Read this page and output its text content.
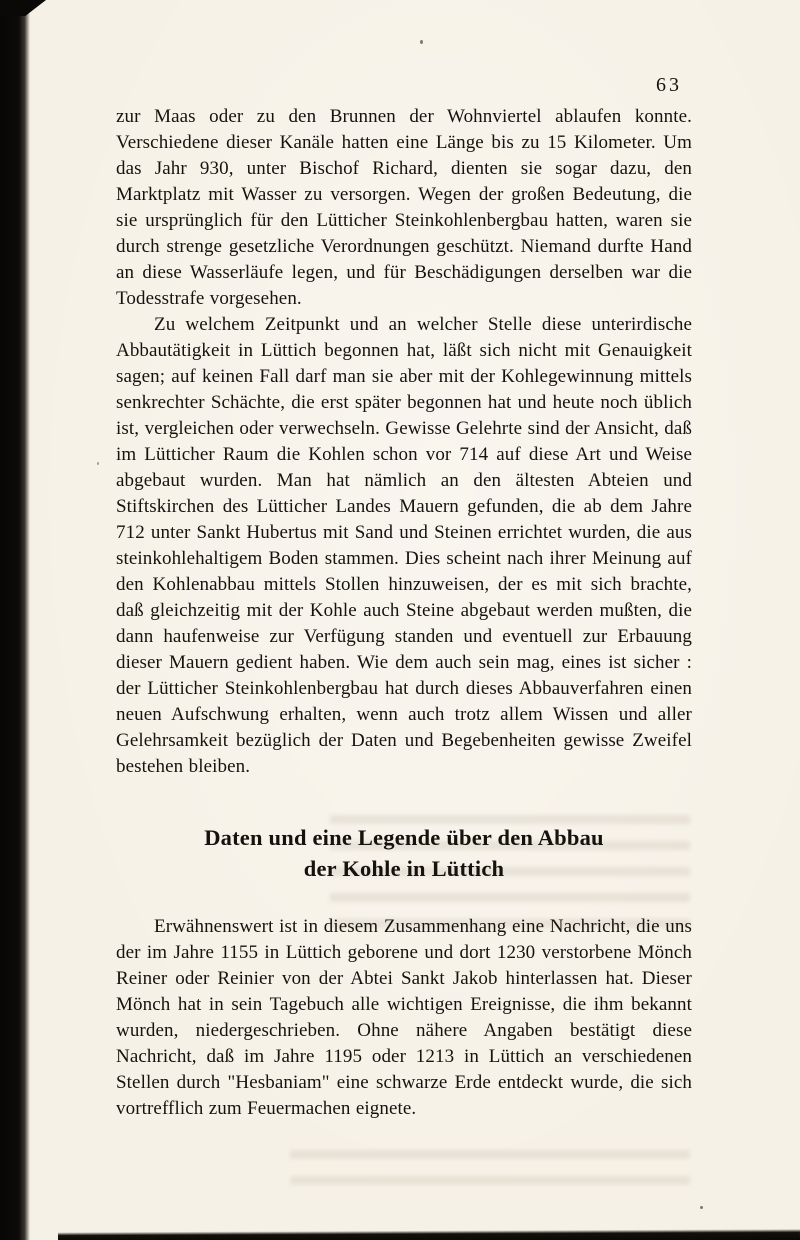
63

zur Maas oder zu den Brunnen der Wohnviertel ablaufen konnte. Verschiedene dieser Kanäle hatten eine Länge bis zu 15 Kilometer. Um das Jahr 930, unter Bischof Richard, dienten sie sogar dazu, den Marktplatz mit Wasser zu versorgen. Wegen der großen Bedeutung, die sie ursprünglich für den Lütticher Steinkohlenbergbau hatten, waren sie durch strenge gesetzliche Verordnungen geschützt. Niemand durfte Hand an diese Wasserläufe legen, und für Beschädigungen derselben war die Todesstrafe vorgesehen.

Zu welchem Zeitpunkt und an welcher Stelle diese unterirdische Abbautätigkeit in Lüttich begonnen hat, läßt sich nicht mit Genauigkeit sagen; auf keinen Fall darf man sie aber mit der Kohlegewinnung mittels senkrechter Schächte, die erst später begonnen hat und heute noch üblich ist, vergleichen oder verwechseln. Gewisse Gelehrte sind der Ansicht, daß im Lütticher Raum die Kohlen schon vor 714 auf diese Art und Weise abgebaut wurden. Man hat nämlich an den ältesten Abteien und Stiftskirchen des Lütticher Landes Mauern gefunden, die ab dem Jahre 712 unter Sankt Hubertus mit Sand und Steinen errichtet wurden, die aus steinkohlehaltigem Boden stammen. Dies scheint nach ihrer Meinung auf den Kohlenabbau mittels Stollen hinzuweisen, der es mit sich brachte, daß gleichzeitig mit der Kohle auch Steine abgebaut werden mußten, die dann haufenweise zur Verfügung standen und eventuell zur Erbauung dieser Mauern gedient haben. Wie dem auch sein mag, eines ist sicher : der Lütticher Steinkohlenbergbau hat durch dieses Abbauverfahren einen neuen Aufschwung erhalten, wenn auch trotz allem Wissen und aller Gelehrsamkeit bezüglich der Daten und Begebenheiten gewisse Zweifel bestehen bleiben.

Daten und eine Legende über den Abbau
der Kohle in Lüttich

Erwähnenswert ist in diesem Zusammenhang eine Nachricht, die uns der im Jahre 1155 in Lüttich geborene und dort 1230 verstorbene Mönch Reiner oder Reinier von der Abtei Sankt Jakob hinterlassen hat. Dieser Mönch hat in sein Tagebuch alle wichtigen Ereignisse, die ihm bekannt wurden, niedergeschrieben. Ohne nähere Angaben bestätigt diese Nachricht, daß im Jahre 1195 oder 1213 in Lüttich an verschiedenen Stellen durch "Hesbaniam" eine schwarze Erde entdeckt wurde, die sich vortrefflich zum Feuermachen eignete.
